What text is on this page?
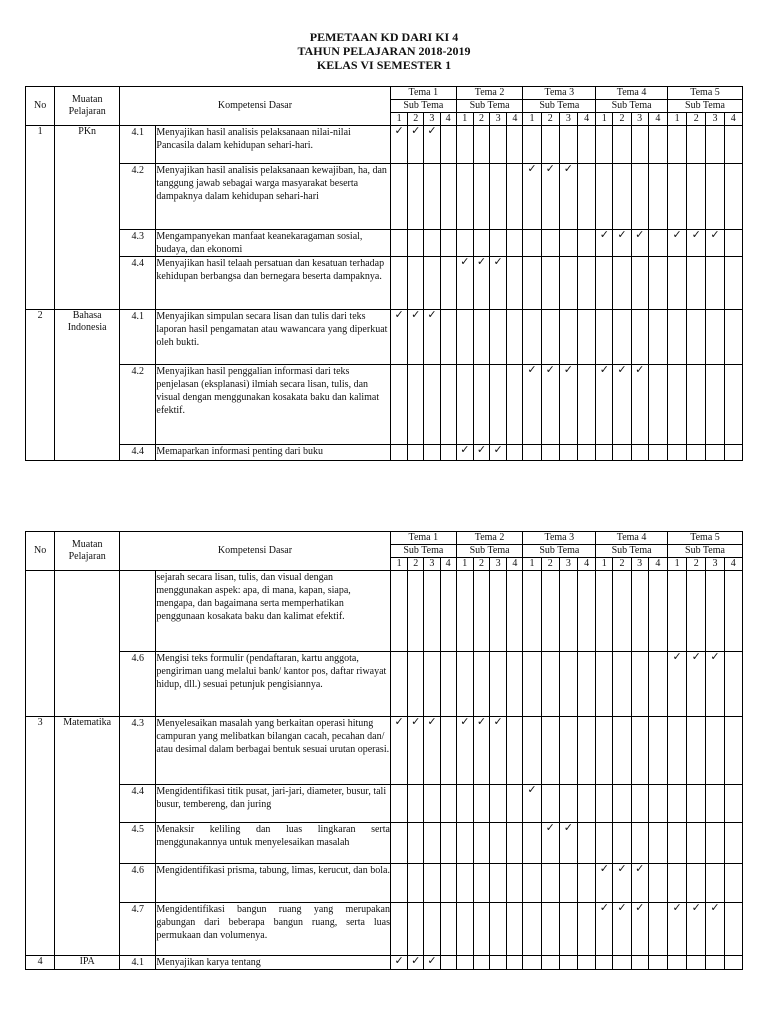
PEMETAAN KD DARI KI 4
TAHUN PELAJARAN 2018-2019
KELAS VI SEMESTER 1
No	Muatan Pelajaran	Kompetensi Dasar		Tema 1				Tema 2				Tema 3				Tema 4				Tema 5			
				Sub Tema				Sub Tema				Sub Tema				Sub Tema				Sub Tema			
				1	2	3	4	1	2	3	4	1	2	3	4	1	2	3	4	1	2	3	4
1	PKn	4.1	Menyajikan hasil analisis pelaksanaan nilai-nilai Pancasila dalam kehidupan sehari-hari.	✓	✓	✓																	
		4.2	Menyajikan hasil analisis pelaksanaan kewajiban, ha, dan tanggung jawab sebagai warga masyarakat beserta dampaknya dalam kehidupan sehari-hari									✓	✓	✓									
		4.3	Mengampanyekan manfaat keanekaragaman sosial, budaya, dan ekonomi													✓	✓	✓		✓	✓	✓	
		4.4	Menyajikan hasil telaah persatuan dan kesatuan terhadap kehidupan berbangsa dan bernegara beserta dampaknya.					✓	✓	✓													
2	Bahasa Indonesia	4.1	Menyajikan simpulan secara lisan dan tulis dari teks laporan hasil pengamatan atau wawancara yang diperkuat oleh bukti.	✓	✓	✓																	
		4.2	Menyajikan hasil penggalian informasi dari teks penjelasan (eksplanasi) ilmiah secara lisan, tulis, dan visual dengan menggunakan kosakata baku dan kalimat efektif.									✓	✓	✓		✓	✓	✓					
		4.4	Memaparkan informasi penting dari buku					✓	✓	✓													
No	Muatan Pelajaran	Kompetensi Dasar		Tema 1				Tema 2				Tema 3				Tema 4				Tema 5			
				Sub Tema				Sub Tema				Sub Tema				Sub Tema				Sub Tema			
				1	2	3	4	1	2	3	4	1	2	3	4	1	2	3	4	1	2	3	4
			sejarah secara lisan, tulis, dan visual dengan menggunakan aspek: apa, di mana, kapan, siapa, mengapa, dan bagaimana serta memperhatikan penggunaan kosakata baku dan kalimat efektif.																				
		4.6	Mengisi teks formulir (pendaftaran, kartu anggota, pengiriman uang melalui bank/ kantor pos, daftar riwayat hidup, dll.) sesuai petunjuk pengisiannya.																	✓	✓	✓	
3	Matematika	4.3	Menyelesaikan masalah yang berkaitan operasi hitung campuran yang melibatkan bilangan cacah, pecahan dan/ atau desimal dalam berbagai bentuk sesuai urutan operasi.	✓	✓	✓		✓	✓	✓													
		4.4	Mengidentifikasi titik pusat, jari-jari, diameter, busur, tali busur, tembereng, dan juring									✓											
		4.5	Menaksir keliling dan luas lingkaran serta menggunakannya untuk menyelesaikan masalah										✓	✓									
		4.6	Mengidentifikasi prisma, tabung, limas, kerucut, dan bola.													✓	✓	✓					
		4.7	Mengidentifikasi bangun ruang yang merupakan gabungan dari beberapa bangun ruang, serta luas permukaan dan volumenya.													✓	✓	✓		✓	✓	✓	
4	IPA	4.1	Menyajikan karya tentang	✓	✓	✓																	
